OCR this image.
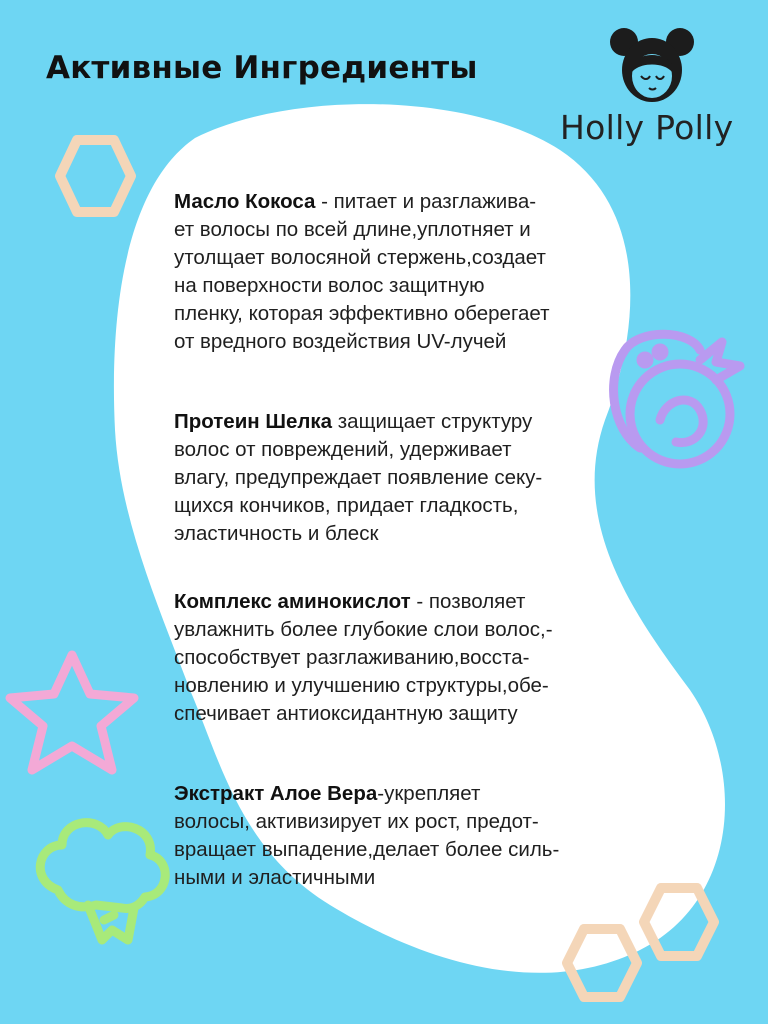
Активные Ингредиенты
Holly Polly

Масло Кокоса - питает и разглажива-
ет волосы по всей длине,уплотняет и
утолщает волосяной стержень,создает
на поверхности волос защитную
пленку, которая эффективно оберегает
от вредного воздействия UV-лучей

Протеин Шелка защищает структуру
волос от повреждений, удерживает
влагу, предупреждает появление секу-
щихся кончиков, придает гладкость,
эластичность и блеск

Комплекс аминокислот - позволяет
увлажнить более глубокие слои волос,-
способствует разглаживанию,восста-
новлению и улучшению структуры,обе-
спечивает антиоксидантную защиту

Экстракт Алое Вера-укрепляет
волосы, активизирует их рост, предот-
вращает выпадение,делает более силь-
ными и эластичными
